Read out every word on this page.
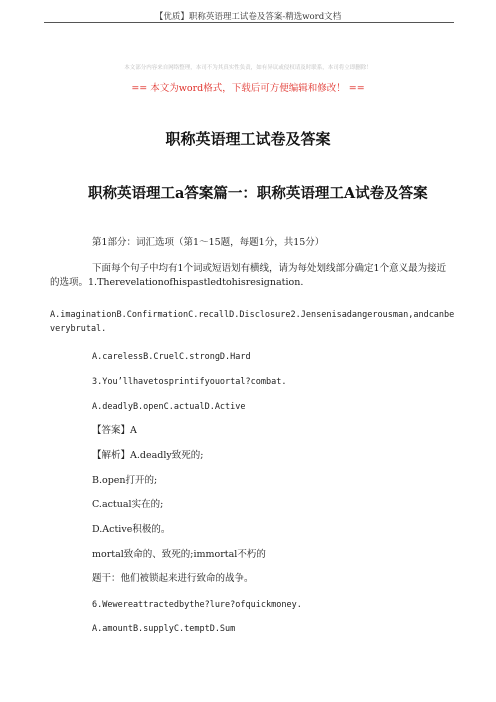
【优质】职称英语理工试卷及答案-精选word文档
本文部分内容来自网络整理，本司不为其真实性负责，如有异议或侵权请及时联系，本司将立即删除！
== 本文为word格式，下载后可方便编辑和修改！ ==
职称英语理工试卷及答案
职称英语理工a答案篇一：职称英语理工A试卷及答案
第1部分：词汇选项（第1～15题，每题1分，共15分）
下面每个句子中均有1个词或短语划有横线，请为每处划线部分确定1个意义最为接近的选项。1.Therevelationofhispastledtohisresignation.
A.imaginationB.ConfirmationC.recallD.Disclosure2.Jensenisadangerousman,andcanbeverybrutal.
A.carelessB.CruelC.strongD.Hard
3.You’llhavetosprintifyouortal?combat.
A.deadlyB.openC.actualD.Active
【答案】A
【解析】A.deadly致死的;
B.open打开的;
C.actual实在的;
D.Active积极的。
mortal致命的、致死的;immortal不朽的
题干：他们被锁起来进行致命的战争。
6.Wewereattractedbythe?lure?ofquickmoney.
A.amountB.supplyC.temptD.Sum
